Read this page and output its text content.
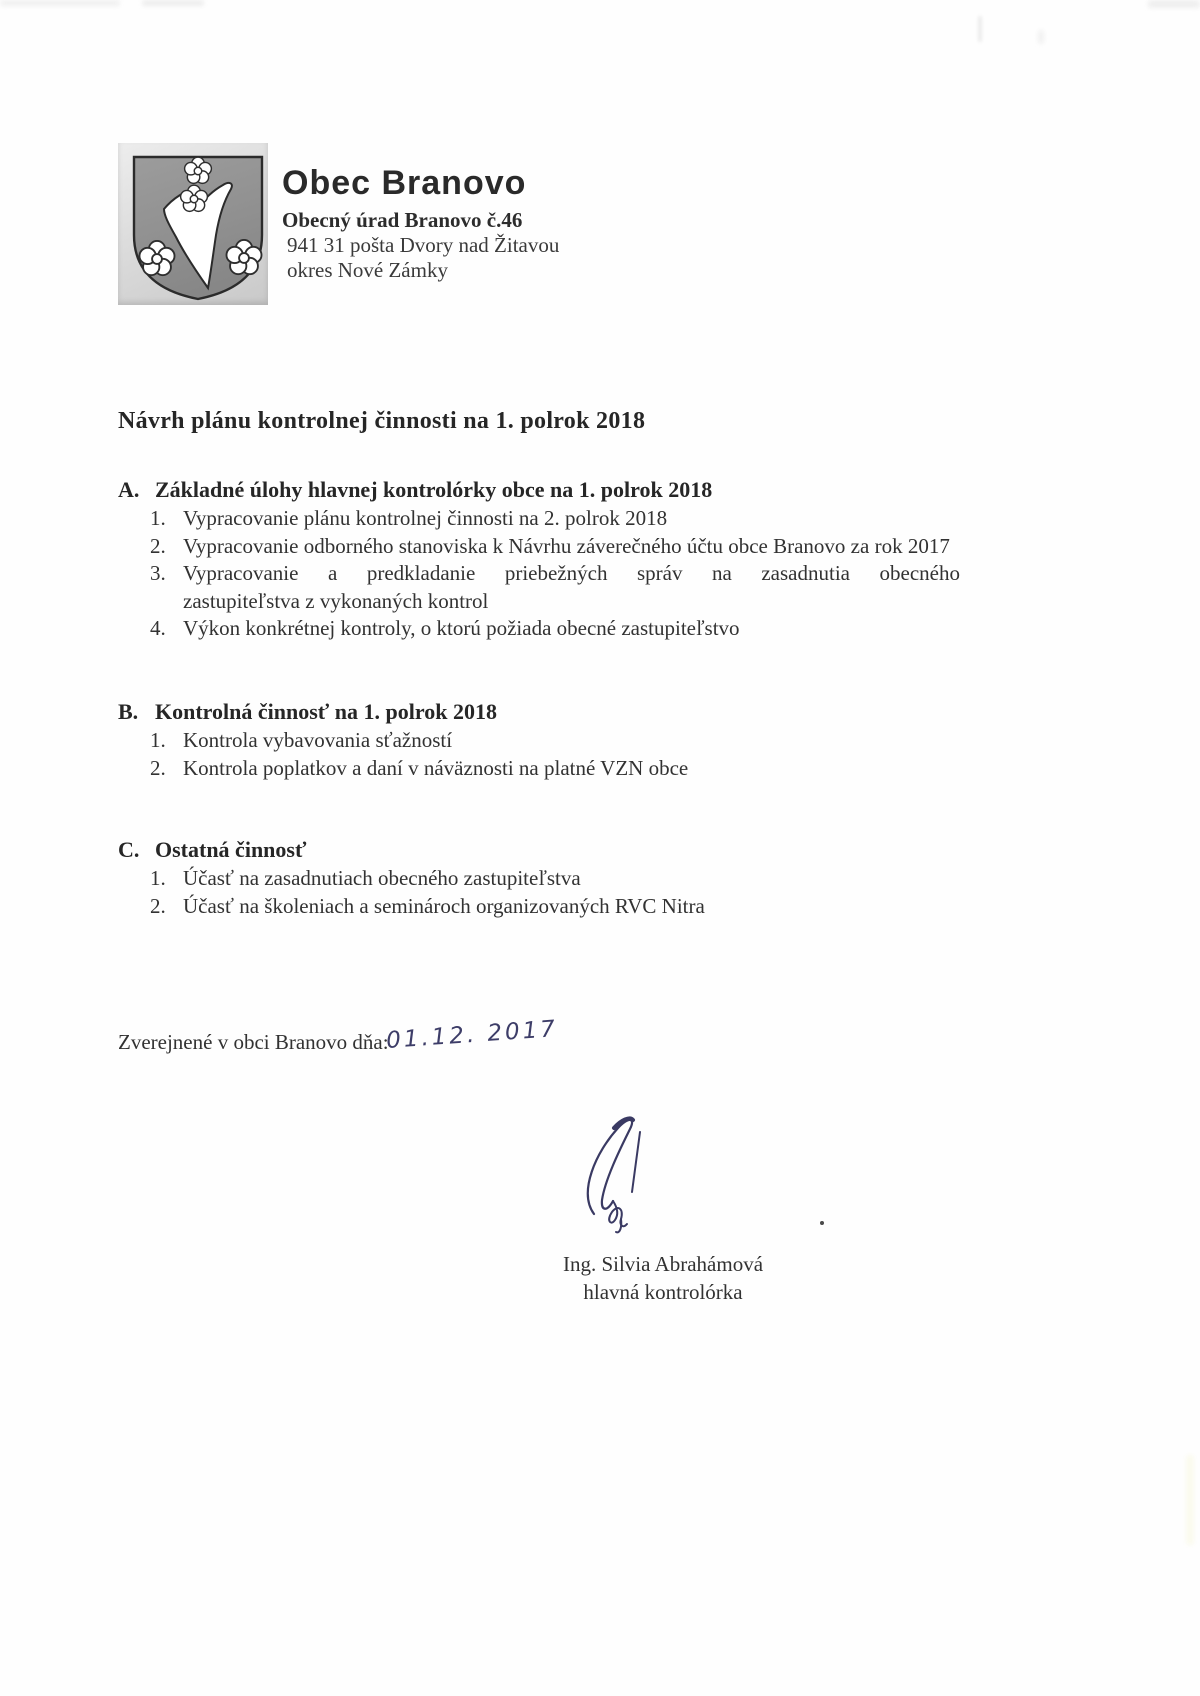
Obec Branovo
Obecný úrad Branovo č.46
941 31 pošta Dvory nad Žitavou
okres Nové Zámky
Návrh plánu kontrolnej činnosti na 1. polrok 2018
A. Základné úlohy hlavnej kontrolórky obce na 1. polrok 2018
1. Vypracovanie plánu kontrolnej činnosti na 2. polrok 2018
2. Vypracovanie odborného stanoviska k Návrhu záverečného účtu obce Branovo za rok 2017
3. Vypracovanie a predkladanie priebežných správ na zasadnutia obecného
zastupiteľstva z vykonaných kontrol
4. Výkon konkrétnej kontroly, o ktorú požiada obecné zastupiteľstvo
B. Kontrolná činnosť na 1. polrok 2018
1. Kontrola vybavovania sťažností
2. Kontrola poplatkov a daní v náväznosti na platné VZN obce
C. Ostatná činnosť
1. Účasť na zasadnutiach obecného zastupiteľstva
2. Účasť na školeniach a seminároch organizovaných RVC Nitra
Zverejnené v obci Branovo dňa:
01.12. 2017
Ing. Silvia Abrahámová
hlavná kontrolórka
